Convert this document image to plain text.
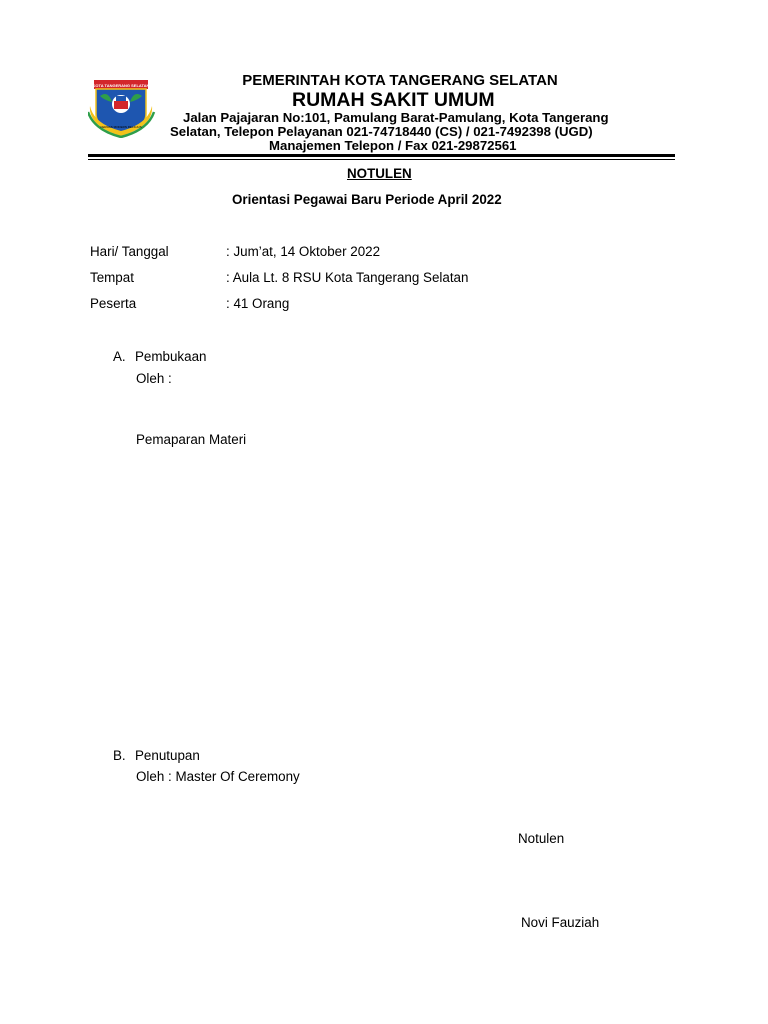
KOTA TANGERANG SELATAN
CERDAS MODERN RELIGIUS
PEMERINTAH KOTA TANGERANG SELATAN
RUMAH SAKIT UMUM
Jalan Pajajaran No:101, Pamulang Barat-Pamulang, Kota Tangerang
Selatan, Telepon Pelayanan 021-74718440 (CS) / 021-7492398 (UGD)
Manajemen Telepon / Fax 021-29872561
NOTULEN
Orientasi Pegawai Baru Periode April 2022
Hari/ Tanggal	: Jum’at, 14 Oktober 2022
Tempat	: Aula Lt. 8 RSU Kota Tangerang Selatan
Peserta	: 41 Orang
A. Pembukaan
Oleh :
Pemaparan Materi
B. Penutupan
Oleh : Master Of Ceremony
Notulen
Novi Fauziah
